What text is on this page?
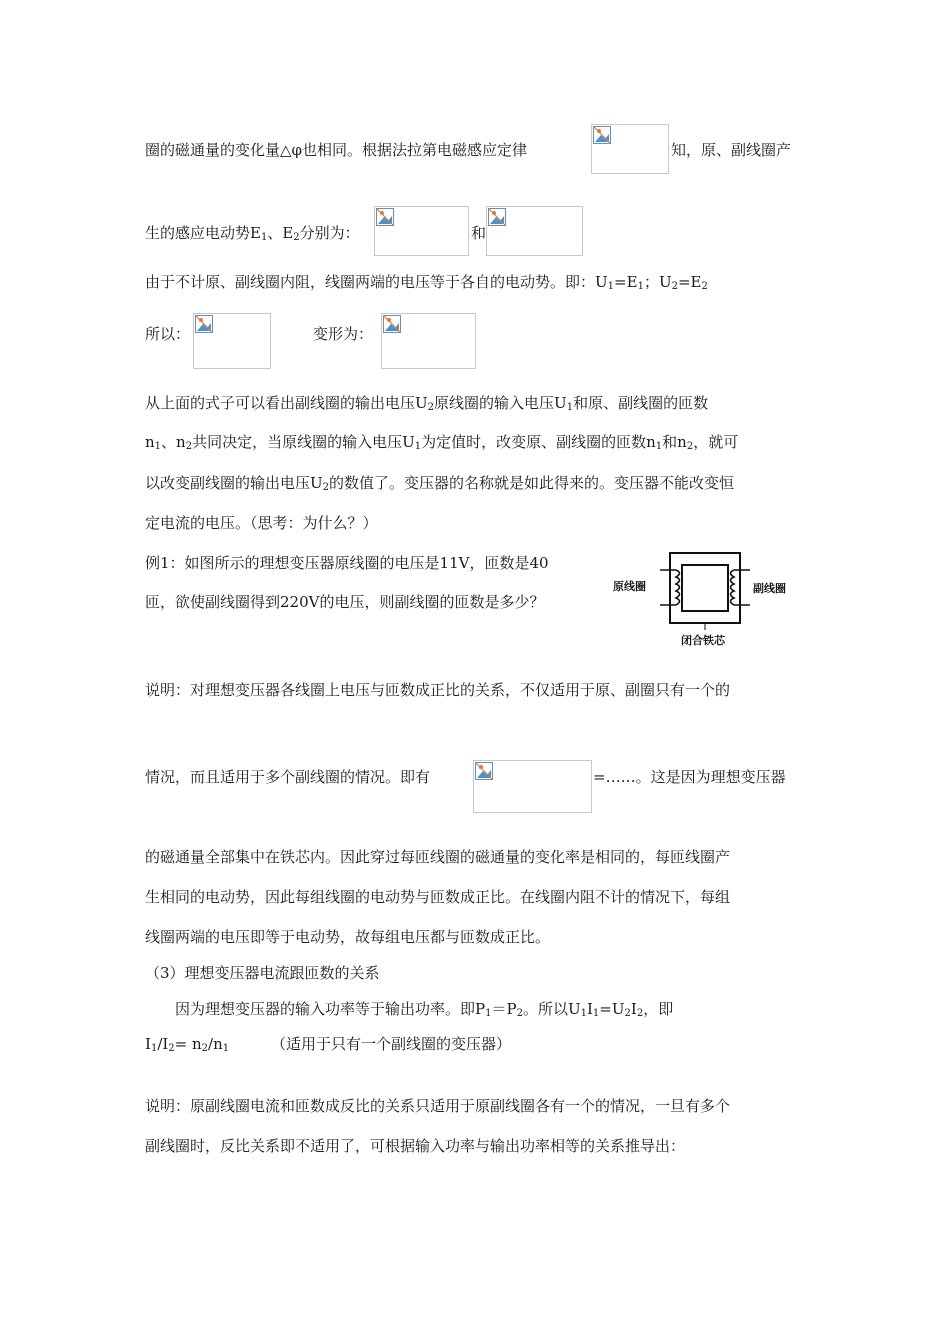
圈的磁通量的变化量△φ也相同。根据法拉第电磁感应定律	知，原、副线圈产
生的感应电动势$E_1$、$E_2$分别为：	和
由于不计原、副线圈内阻，线圈两端的电压等于各自的电动势。即：$U_1=E_1$；$U_2=E_2$
所以：	变形为：
从上面的式子可以看出副线圈的输出电压$U_2$原线圈的输入电压$U_1$和原、副线圈的匝数
$n_1$、$n_2$共同决定，当原线圈的输入电压$U_1$为定值时，改变原、副线圈的匝数$n_1$和$n_2$，就可
以改变副线圈的输出电压$U_2$的数值了。变压器的名称就是如此得来的。变压器不能改变恒
定电流的电压。（思考：为什么？）
例1：如图所示的理想变压器原线圈的电压是11V，匝数是40
匝，欲使副线圈得到220V的电压，则副线圈的匝数是多少？
原线圈	副线圈
闭合铁芯
说明：对理想变压器各线圈上电压与匝数成正比的关系，不仅适用于原、副圈只有一个的
情况，而且适用于多个副线圈的情况。即有	=……。这是因为理想变压器
的磁通量全部集中在铁芯内。因此穿过每匝线圈的磁通量的变化率是相同的，每匝线圈产
生相同的电动势，因此每组线圈的电动势与匝数成正比。在线圈内阻不计的情况下，每组
线圈两端的电压即等于电动势，故每组电压都与匝数成正比。
（3）理想变压器电流跟匝数的关系
因为理想变压器的输入功率等于输出功率。即$P_1=P_2$。所以$U_1I_1=U_2I_2$，即
$I_1/I_2= n_2/n_1$	（适用于只有一个副线圈的变压器）
说明：原副线圈电流和匝数成反比的关系只适用于原副线圈各有一个的情况，一旦有多个
副线圈时，反比关系即不适用了，可根据输入功率与输出功率相等的关系推导出：
